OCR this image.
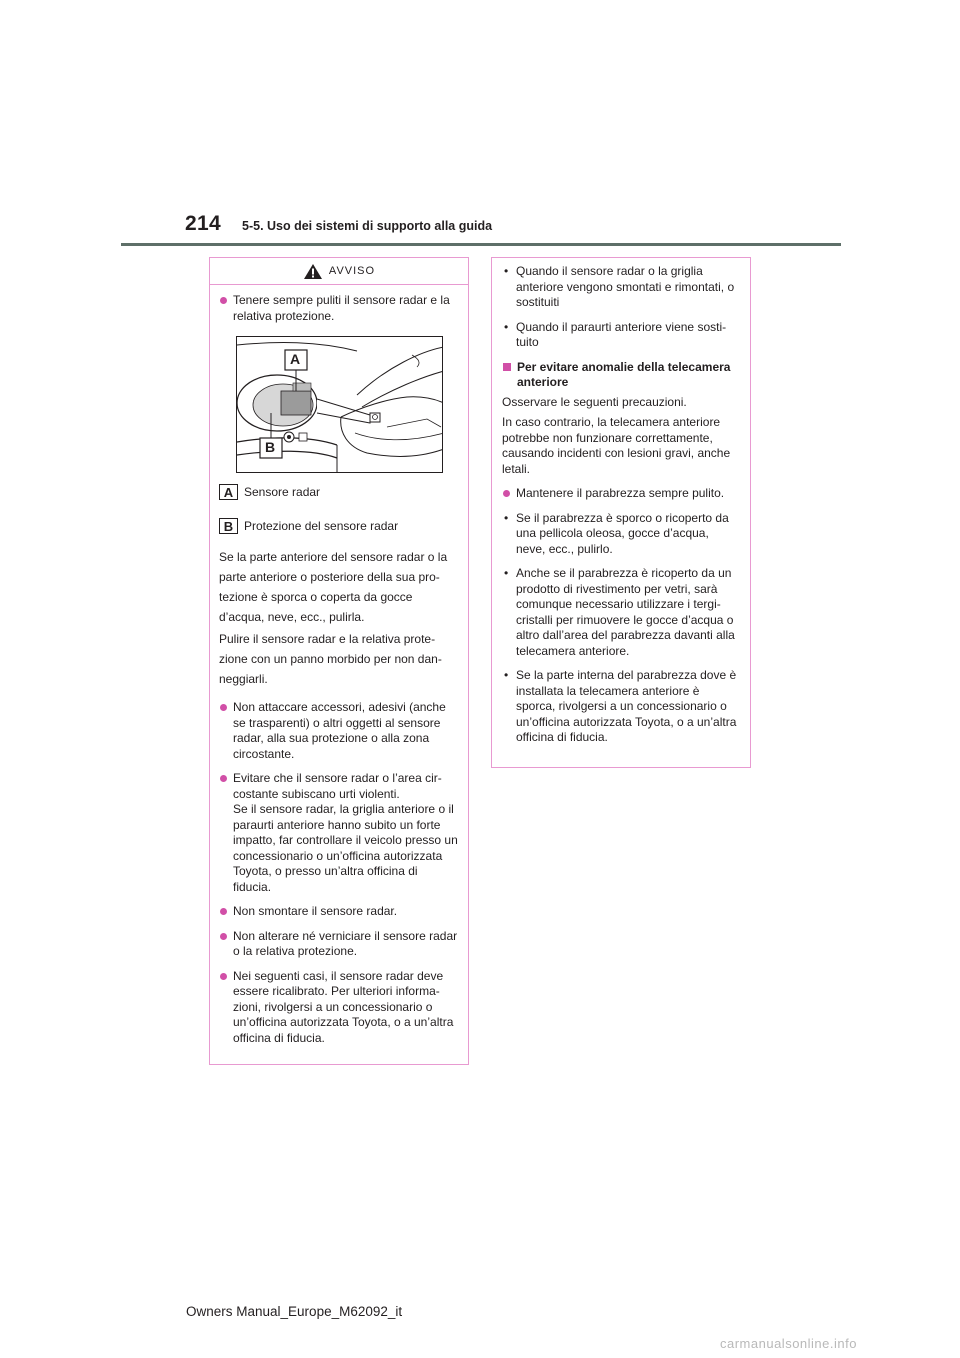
214 5-5. Uso dei sistemi di supporto alla guida
AVVISO
Tenere sempre puliti il sensore radar e la relativa protezione.
A
B
A Sensore radar
B Protezione del sensore radar

Se la parte anteriore del sensore radar o la parte anteriore o posteriore della sua pro-tezione è sporca o coperta da gocce d’acqua, neve, ecc., pulirla.

Pulire il sensore radar e la relativa prote-zione con un panno morbido per non dan-neggiarli.

Non attaccare accessori, adesivi (anche se trasparenti) o altri oggetti al sensore radar, alla sua protezione o alla zona circostante.
Evitare che il sensore radar o l’area cir-costante subiscano urti violenti.
Se il sensore radar, la griglia anteriore o il paraurti anteriore hanno subito un forte impatto, far controllare il veicolo presso un concessionario o un’officina autorizzata Toyota, o presso un’altra officina di fiducia.
Non smontare il sensore radar.
Non alterare né verniciare il sensore radar o la relativa protezione.
Nei seguenti casi, il sensore radar deve essere ricalibrato. Per ulteriori informa-zioni, rivolgersi a un concessionario o un’officina autorizzata Toyota, o a un’altra officina di fiducia.
• Quando il sensore radar o la griglia anteriore vengono smontati e rimontati, o sostituiti
• Quando il paraurti anteriore viene sosti-tuito
Per evitare anomalie della telecamera anteriore

Osservare le seguenti precauzioni.

In caso contrario, la telecamera anteriore potrebbe non funzionare correttamente, causando incidenti con lesioni gravi, anche letali.

Mantenere il parabrezza sempre pulito.
• Se il parabrezza è sporco o ricoperto da una pellicola oleosa, gocce d’acqua, neve, ecc., pulirlo.
• Anche se il parabrezza è ricoperto da un prodotto di rivestimento per vetri, sarà comunque necessario utilizzare i tergi-cristalli per rimuovere le gocce d’acqua o altro dall’area del parabrezza davanti alla telecamera anteriore.
• Se la parte interna del parabrezza dove è installata la telecamera anteriore è sporca, rivolgersi a un concessionario o un’officina autorizzata Toyota, o a un’altra officina di fiducia.
Owners Manual_Europe_M62092_it
carmanualsonline.info
